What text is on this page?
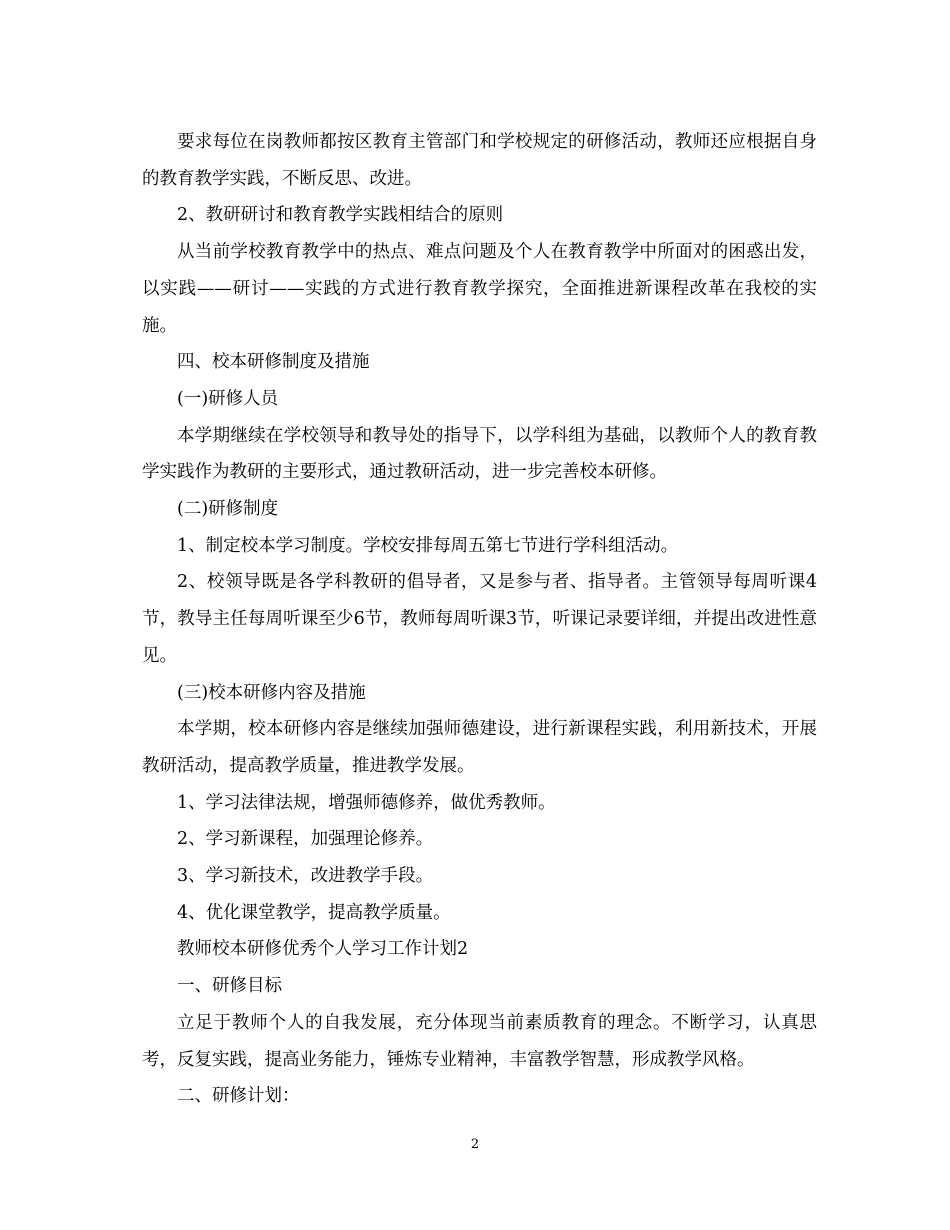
要求每位在岗教师都按区教育主管部门和学校规定的研修活动，教师还应根据自身的教育教学实践，不断反思、改进。

2、教研研讨和教育教学实践相结合的原则

从当前学校教育教学中的热点、难点问题及个人在教育教学中所面对的困惑出发，以实践——研讨——实践的方式进行教育教学探究，全面推进新课程改革在我校的实施。

四、校本研修制度及措施

(一)研修人员

本学期继续在学校领导和教导处的指导下，以学科组为基础，以教师个人的教育教学实践作为教研的主要形式，通过教研活动，进一步完善校本研修。

(二)研修制度

1、制定校本学习制度。学校安排每周五第七节进行学科组活动。

2、校领导既是各学科教研的倡导者，又是参与者、指导者。主管领导每周听课4节，教导主任每周听课至少6节，教师每周听课3节，听课记录要详细，并提出改进性意见。

(三)校本研修内容及措施

本学期，校本研修内容是继续加强师德建设，进行新课程实践，利用新技术，开展教研活动，提高教学质量，推进教学发展。

1、学习法律法规，增强师德修养，做优秀教师。

2、学习新课程，加强理论修养。

3、学习新技术，改进教学手段。

4、优化课堂教学，提高教学质量。

教师校本研修优秀个人学习工作计划2

一、研修目标

立足于教师个人的自我发展，充分体现当前素质教育的理念。不断学习，认真思考，反复实践，提高业务能力，锤炼专业精神，丰富教学智慧，形成教学风格。

二、研修计划：

2
